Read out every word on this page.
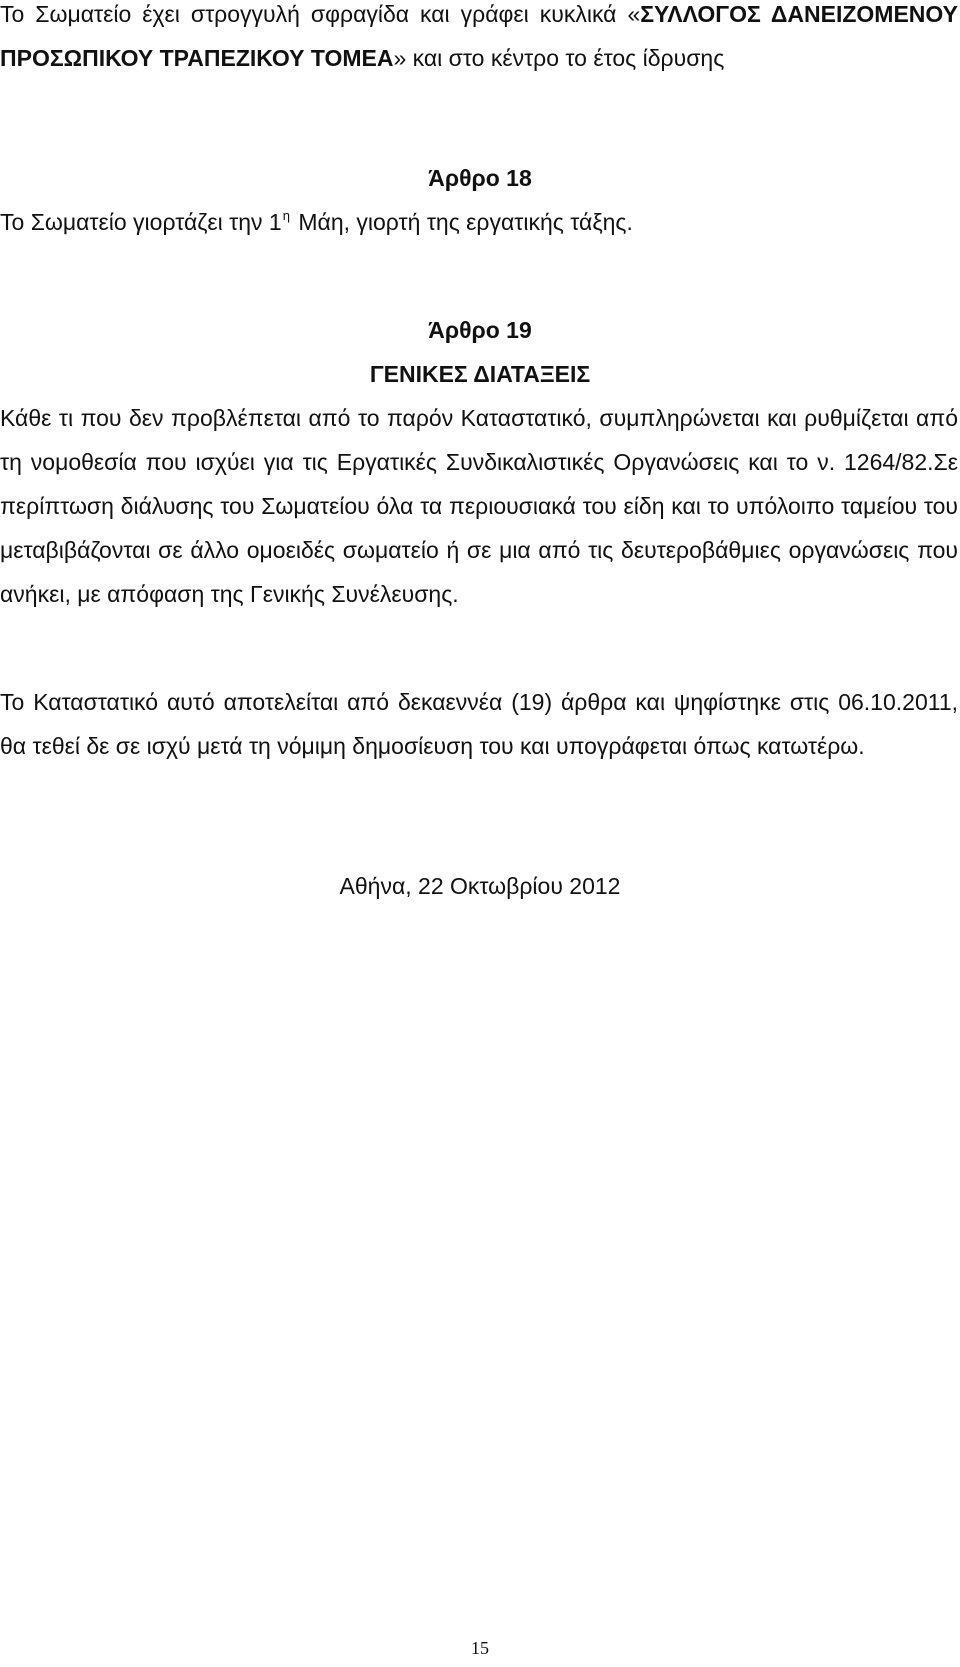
Το Σωματείο έχει στρογγυλή σφραγίδα και γράφει κυκλικά «ΣΥΛΛΟΓΟΣ ΔΑΝΕΙΖΟΜΕΝΟΥ ΠΡΟΣΩΠΙΚΟΥ ΤΡΑΠΕΖΙΚΟΥ ΤΟΜΕΑ» και στο κέντρο το έτος ίδρυσης

Άρθρο 18

Το Σωματείο γιορτάζει την $1^\eta$ Μάη, γιορτή της εργατικής τάξης.

Άρθρο 19

ΓΕΝΙΚΕΣ ΔΙΑΤΑΞΕΙΣ

Κάθε τι που δεν προβλέπεται από το παρόν Καταστατικό, συμπληρώνεται και ρυθμίζεται από τη νομοθεσία που ισχύει για τις Εργατικές Συνδικαλιστικές Οργανώσεις και το ν. 1264/82.Σε περίπτωση διάλυσης του Σωματείου όλα τα περιουσιακά του είδη και το υπόλοιπο ταμείου του μεταβιβάζονται σε άλλο ομοειδές σωματείο ή σε μια από τις δευτεροβάθμιες οργανώσεις που ανήκει, με απόφαση της Γενικής Συνέλευσης.

Το Καταστατικό αυτό αποτελείται από δεκαεννέα (19) άρθρα και ψηφίστηκε στις 06.10.2011, θα τεθεί δε σε ισχύ μετά τη νόμιμη δημοσίευση του και υπογράφεται όπως κατωτέρω.

Αθήνα, 22 Οκτωβρίου 2012

15
